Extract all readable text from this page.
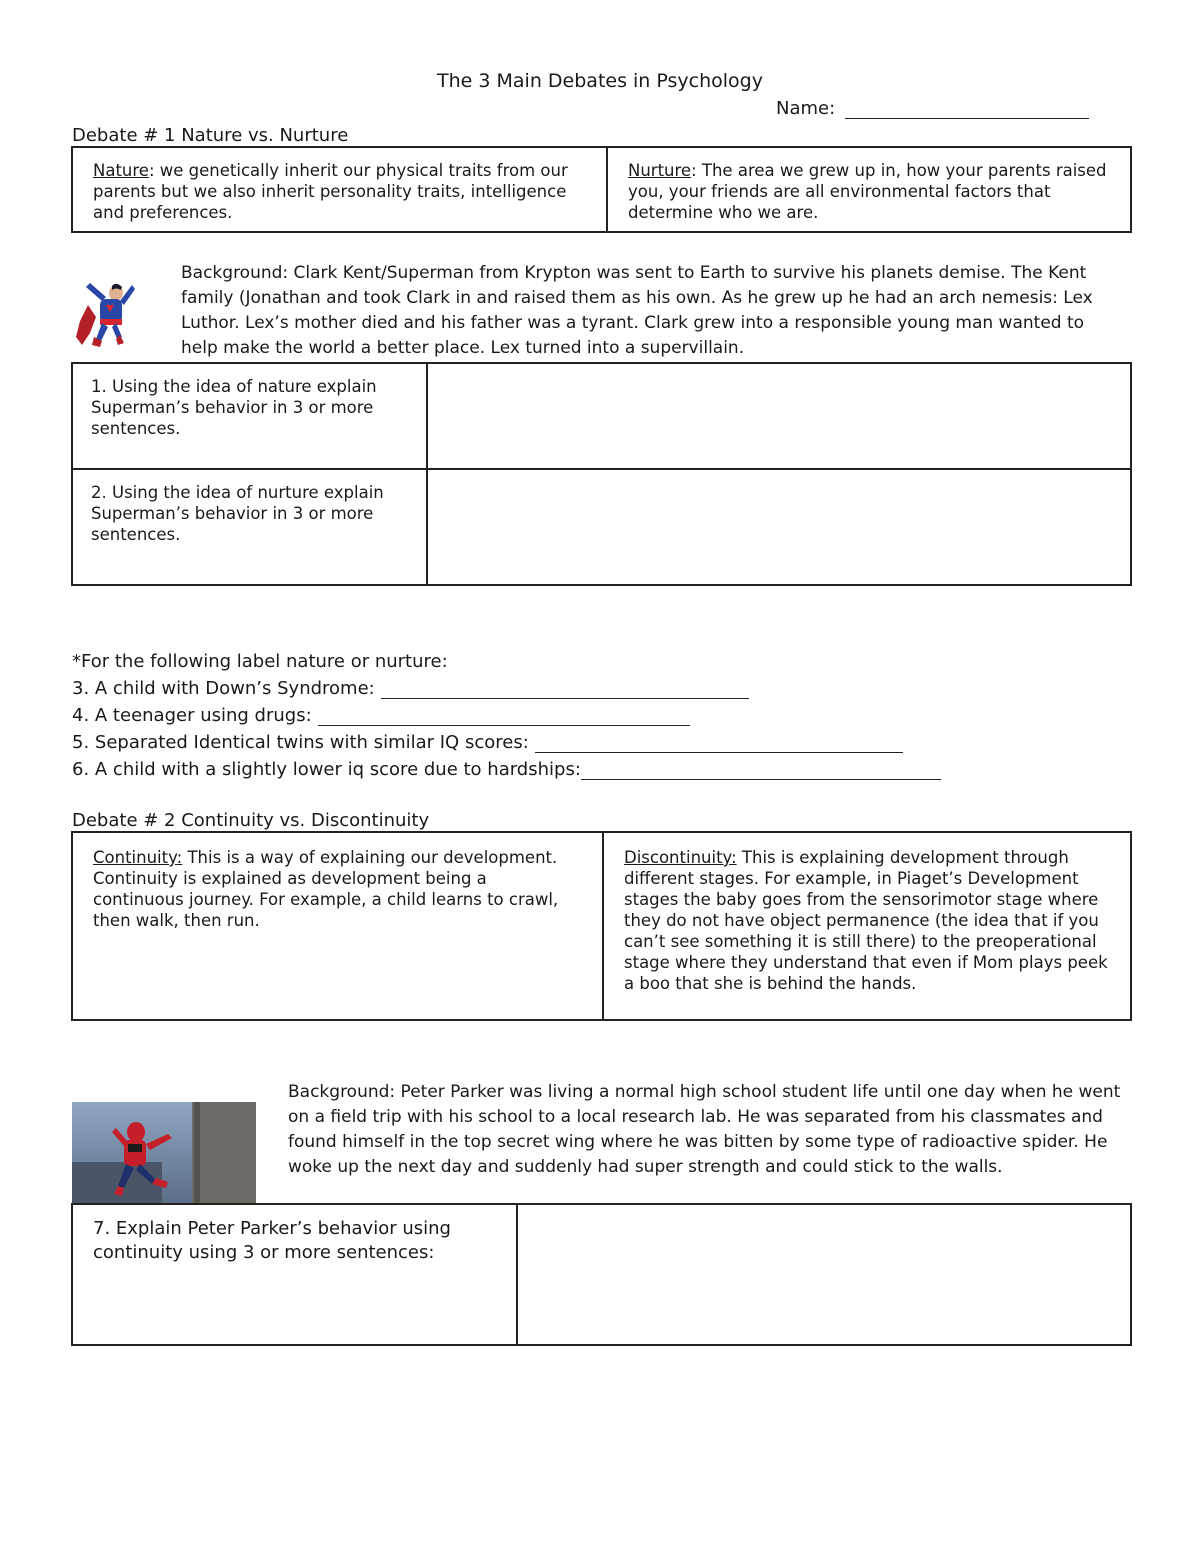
The 3 Main Debates in Psychology
Name:
Debate # 1 Nature vs. Nurture
Nature: we genetically inherit our physical traits from our parents but we also inherit personality traits, intelligence and preferences.

Nurture: The area we grew up in, how your parents raised you, your friends are all environmental factors that determine who we are.
Background: Clark Kent/Superman from Krypton was sent to Earth to survive his planets demise. The Kent family (Jonathan and took Clark in and raised them as his own. As he grew up he had an arch nemesis: Lex Luthor. Lex’s mother died and his father was a tyrant. Clark grew into a responsible young man wanted to help make the world a better place. Lex turned into a supervillain.
1. Using the idea of nature explain Superman’s behavior in 3 or more sentences.	

2. Using the idea of nurture explain Superman’s behavior in 3 or more sentences.	

*For the following label nature or nurture:
3. A child with Down’s Syndrome:
4. A teenager using drugs:
5. Separated Identical twins with similar IQ scores:
6. A child with a slightly lower iq score due to hardships:
Debate # 2 Continuity vs. Discontinuity
Continuity: This is a way of explaining our development. Continuity is explained as development being a continuous journey. For example, a child learns to crawl, then walk, then run.

Discontinuity: This is explaining development through different stages. For example, in Piaget’s Development stages the baby goes from the sensorimotor stage where they do not have object permanence (the idea that if you can’t see something it is still there) to the preoperational stage where they understand that even if Mom plays peek a boo that she is behind the hands.
Background: Peter Parker was living a normal high school student life until one day when he went on a field trip with his school to a local research lab. He was separated from his classmates and found himself in the top secret wing where he was bitten by some type of radioactive spider. He woke up the next day and suddenly had super strength and could stick to the walls.
7. Explain Peter Parker’s behavior using continuity using 3 or more sentences:
